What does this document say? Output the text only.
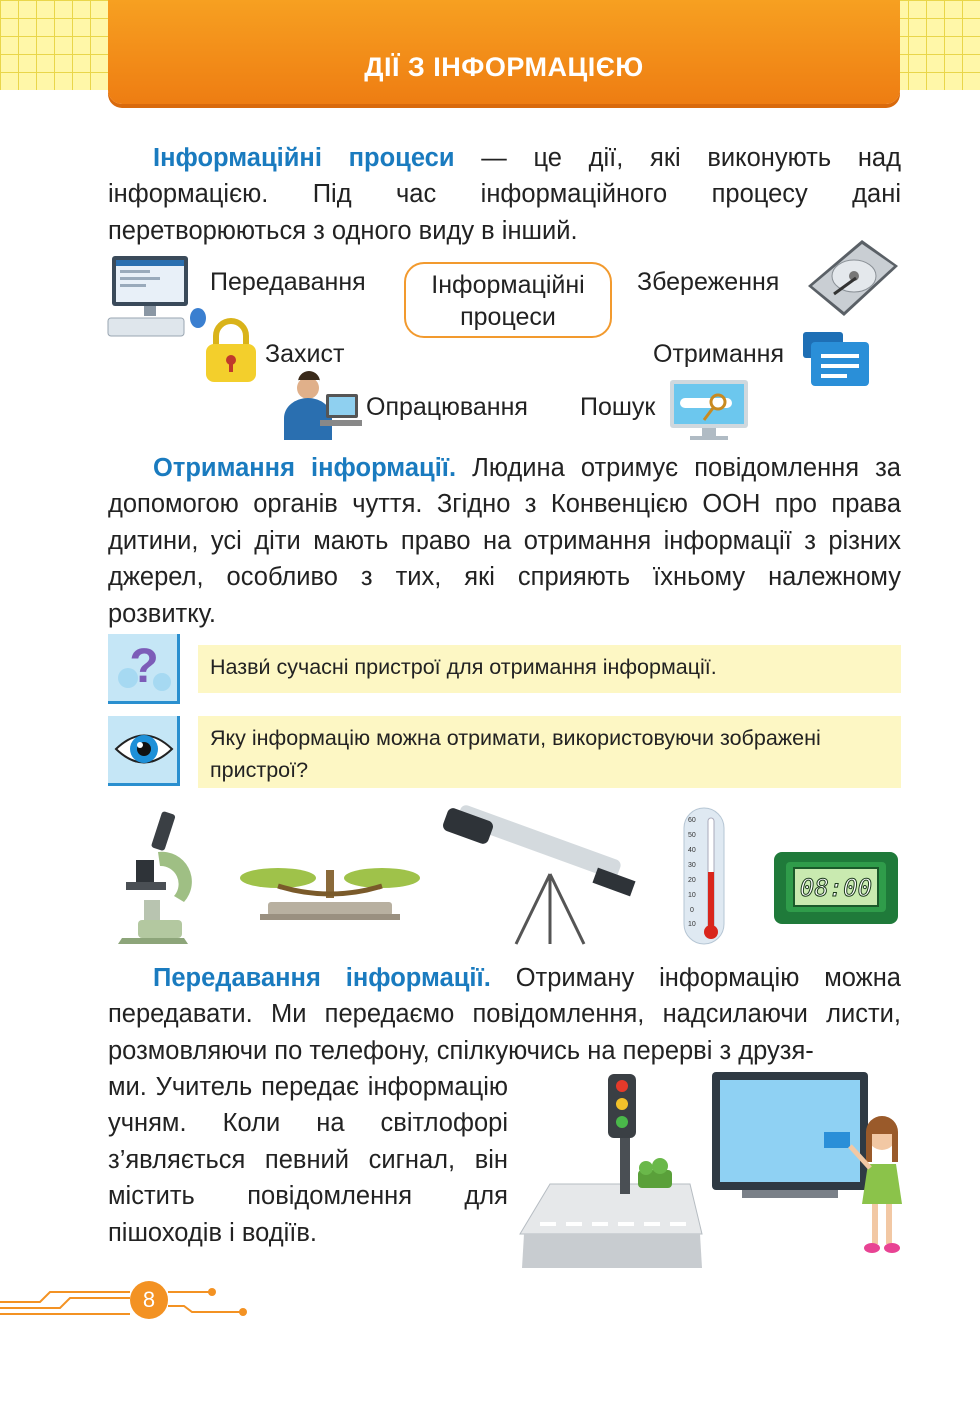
ДІЇ З ІНФОРМАЦІЄЮ

Інформаційні процеси — це дії, які виконують над інформацією. Під час інформаційного процесу дані перетворюються з одного виду в інший.

Передавання	Інформаційні процеси
Збереження
Захист	Отримання
Опрацювання Пошук

Отримання інформації. Людина отримує повідомлення за допомогою органів чуття. Згідно з Конвенцією ООН про права дитини, усі діти мають право на отримання інформації з різних джерел, особливо з тих, які сприяють їхньому належному розвитку.

?	Назви́ сучасні пристрої для отримання інформації.
Яку інформацію можна отримати, використовуючи зображені пристрої?
60
50
40
30
20
10
0
10
08:00

Передавання інформації. Отриману інформацію можна передавати. Ми передаємо повідомлення, надсилаючи листи, розмовляючи по телефону, спілкуючись на перерві з друзя-

ми. Учитель передає інформацію учням. Коли на світлофорі з’являється певний сигнал, він містить повідомлення для пішоходів і водіїв.

8
